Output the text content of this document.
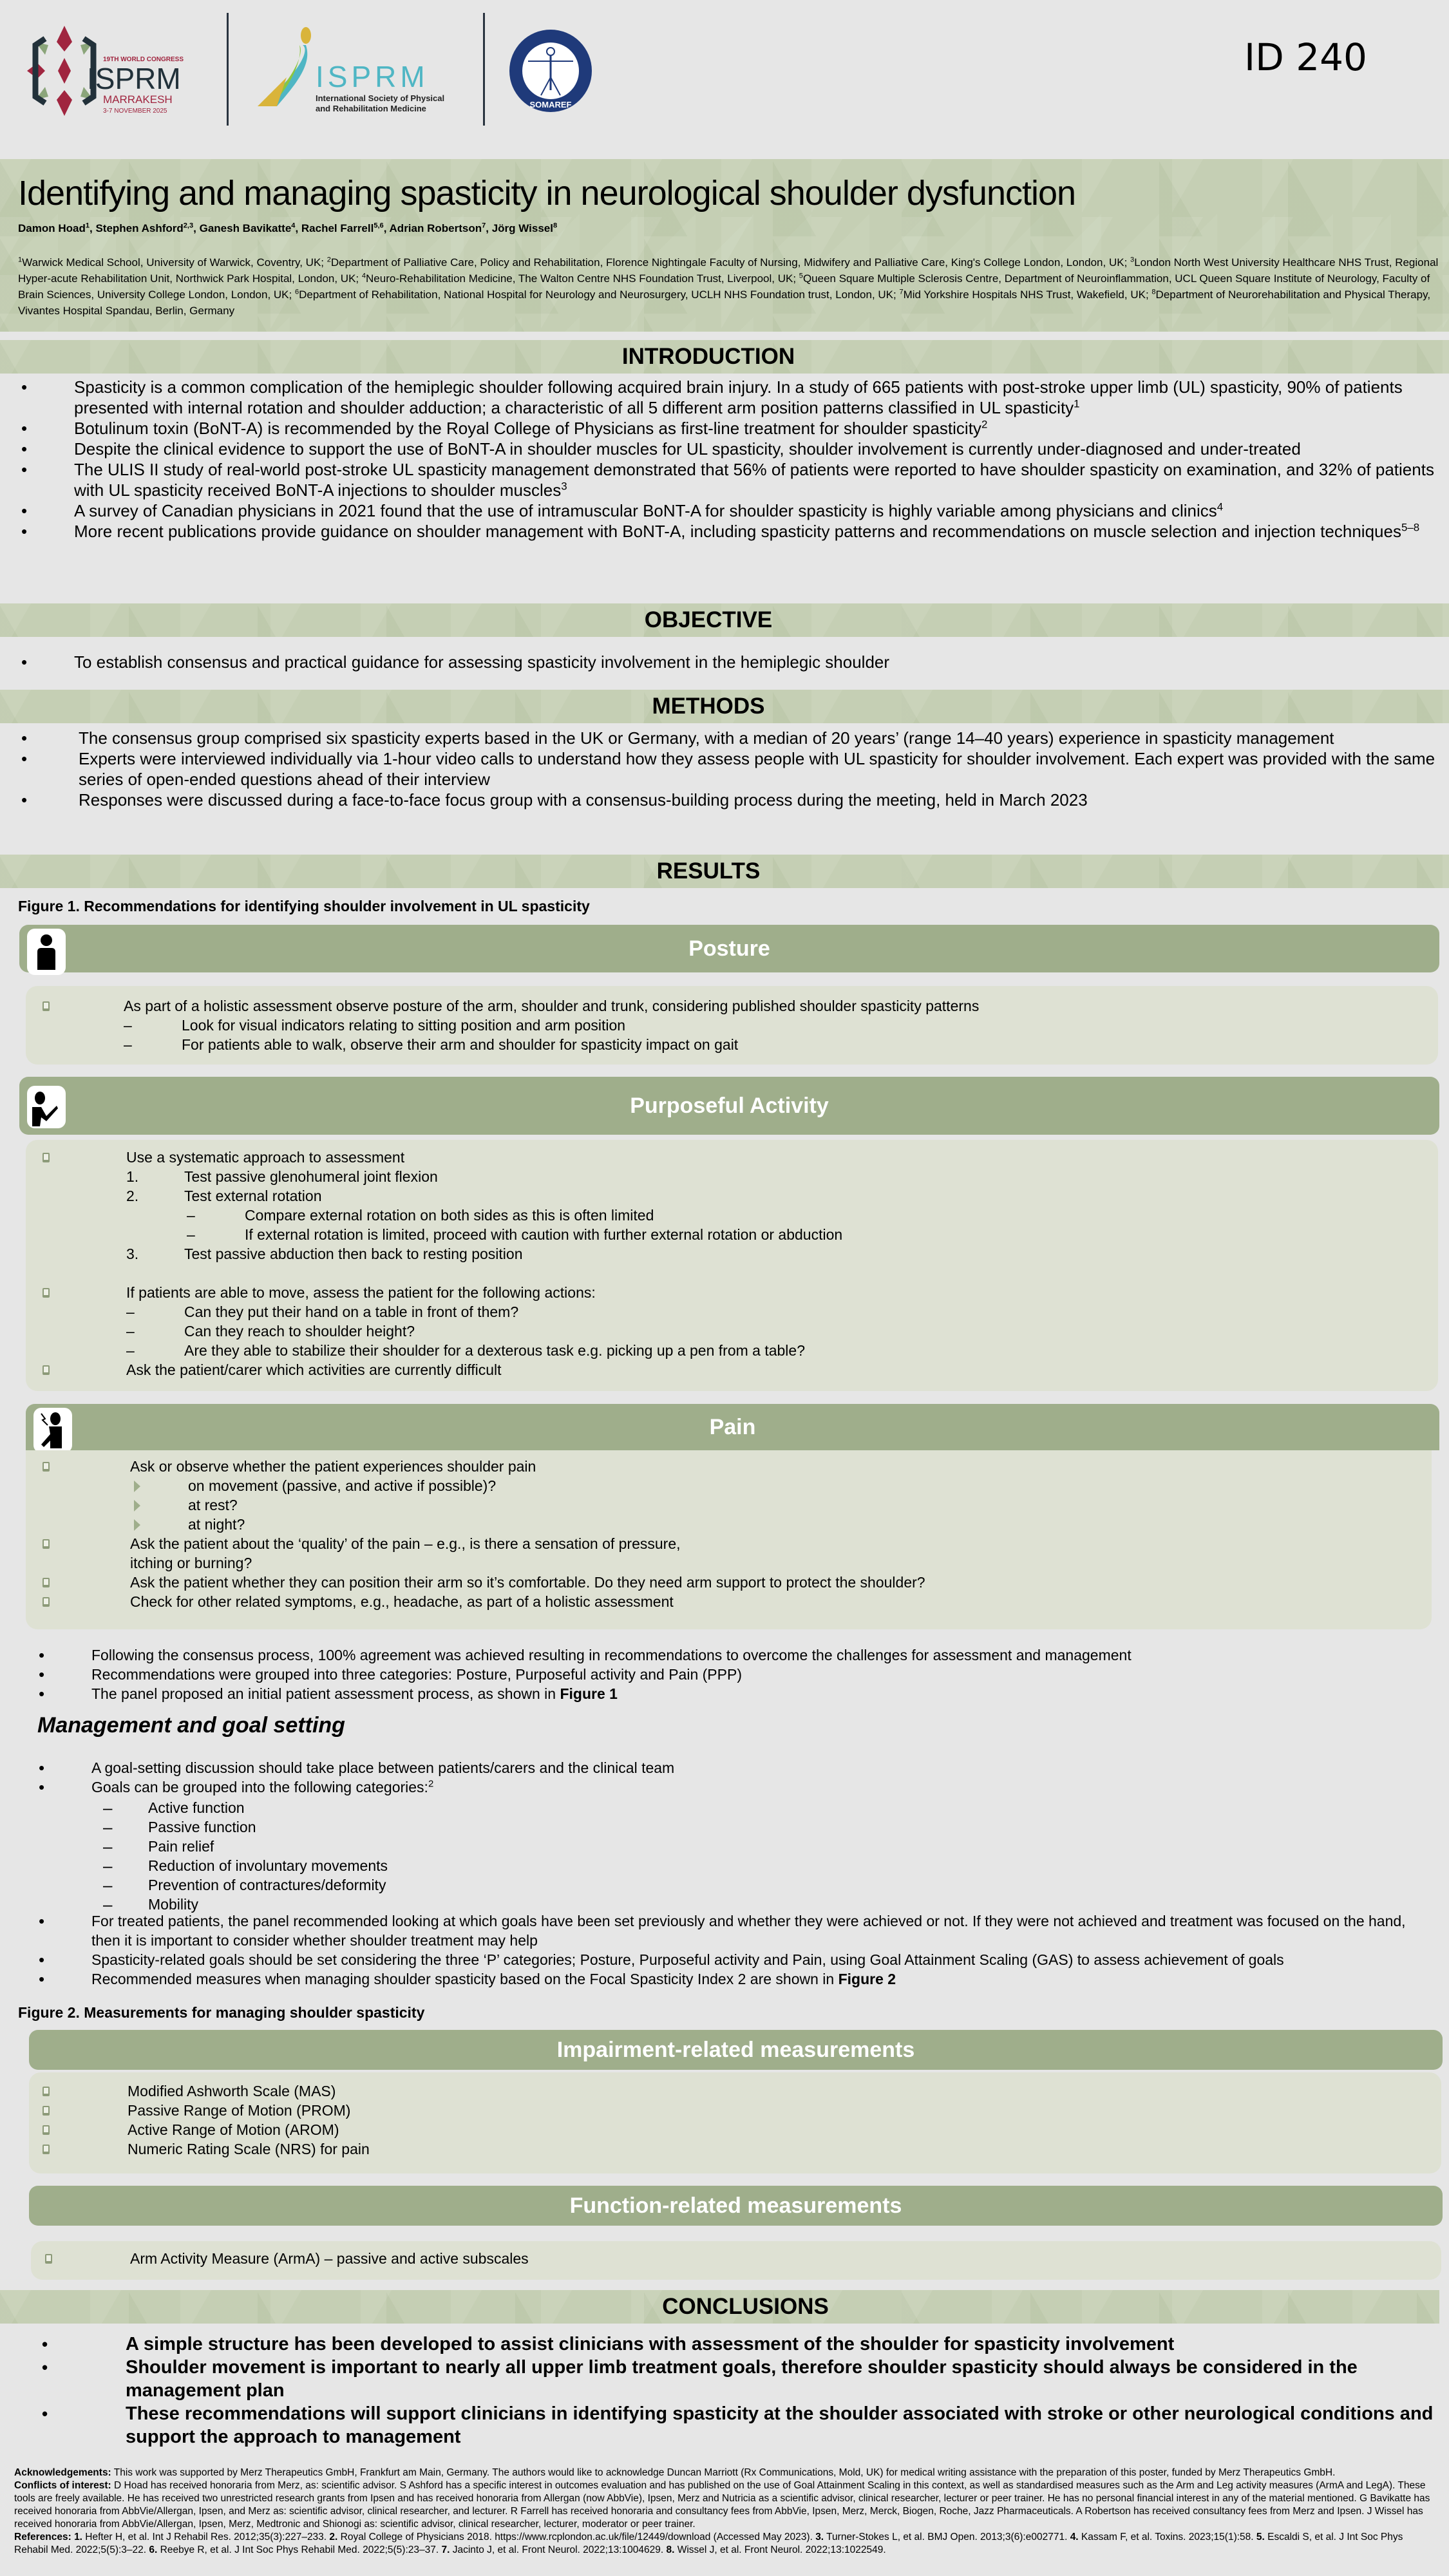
19TH WORLD CONGRESS
ISPRM
MARRAKESH
3-7 NOVEMBER 2025
ISPRM
International Society of Physical
and Rehabilitation Medicine	SOMAREF
ID 240
Identifying and managing spasticity in neurological shoulder dysfunction
Damon Hoad$^1$, Stephen Ashford$^{2,3}$, Ganesh Bavikatte$^4$, Rachel Farrell$^{5,6}$, Adrian Robertson$^7$, Jörg Wissel$^8$
$^1$Warwick Medical School, University of Warwick, Coventry, UK; $^2$Department of Palliative Care, Policy and Rehabilitation, Florence Nightingale Faculty of Nursing, Midwifery and Palliative Care, King's College London, London, UK; $^3$London North West University Healthcare NHS Trust, Regional Hyper-acute Rehabilitation Unit, Northwick Park Hospital, London, UK; $^4$Neuro-Rehabilitation Medicine, The Walton Centre NHS Foundation Trust, Liverpool, UK; $^5$Queen Square Multiple Sclerosis Centre, Department of Neuroinflammation, UCL Queen Square Institute of Neurology, Faculty of Brain Sciences, University College London, London, UK; $^6$Department of Rehabilitation, National Hospital for Neurology and Neurosurgery, UCLH NHS Foundation trust, London, UK; $^7$Mid Yorkshire Hospitals NHS Trust, Wakefield, UK; $^8$Department of Neurorehabilitation and Physical Therapy, Vivantes Hospital Spandau, Berlin, Germany
INTRODUCTION
• Spasticity is a common complication of the hemiplegic shoulder following acquired brain injury. In a study of 665 patients with post-stroke upper limb (UL) spasticity, 90% of patients presented with internal rotation and shoulder adduction; a characteristic of all 5 different arm position patterns classified in UL spasticity$^1$
• Botulinum toxin (BoNT-A) is recommended by the Royal College of Physicians as first-line treatment for shoulder spasticity$^2$
• Despite the clinical evidence to support the use of BoNT-A in shoulder muscles for UL spasticity, shoulder involvement is currently under-diagnosed and under-treated
• The ULIS II study of real-world post-stroke UL spasticity management demonstrated that 56% of patients were reported to have shoulder spasticity on examination, and 32% of patients with UL spasticity received BoNT-A injections to shoulder muscles$^3$
• A survey of Canadian physicians in 2021 found that the use of intramuscular BoNT-A for shoulder spasticity is highly variable among physicians and clinics$^4$
• More recent publications provide guidance on shoulder management with BoNT-A, including spasticity patterns and recommendations on muscle selection and injection techniques$^{5-8}$
OBJECTIVE
• To establish consensus and practical guidance for assessing spasticity involvement in the hemiplegic shoulder
METHODS
• The consensus group comprised six spasticity experts based in the UK or Germany, with a median of 20 years’ (range 14–40 years) experience in spasticity management
• Experts were interviewed individually via 1-hour video calls to understand how they assess people with UL spasticity for shoulder involvement. Each expert was provided with the same series of open-ended questions ahead of their interview
• Responses were discussed during a face-to-face focus group with a consensus-building process during the meeting, held in March 2023
RESULTS
Figure 1. Recommendations for identifying shoulder involvement in UL spasticity
Posture
As part of a holistic assessment observe posture of the arm, shoulder and trunk, considering published shoulder spasticity patterns
–	Look for visual indicators relating to sitting position and arm position
–	For patients able to walk, observe their arm and shoulder for spasticity impact on gait
Purposeful Activity
Use a systematic approach to assessment
1.	Test passive glenohumeral joint flexion
2.	Test external rotation
–	Compare external rotation on both sides as this is often limited
–	If external rotation is limited, proceed with caution with further external rotation or abduction
3.	Test passive abduction then back to resting position
If patients are able to move, assess the patient for the following actions:
–	Can they put their hand on a table in front of them?
–	Can they reach to shoulder height?
–	Are they able to stabilize their shoulder for a dexterous task e.g. picking up a pen from a table?
Ask the patient/carer which activities are currently difficult
Pain
Ask or observe whether the patient experiences shoulder pain
on movement (passive, and active if possible)?
at rest?
at night?
Ask the patient about the ‘quality’ of the pain – e.g., is there a sensation of pressure,
itching or burning?
Ask the patient whether they can position their arm so it’s comfortable. Do they need arm support to protect the shoulder?
Check for other related symptoms, e.g., headache, as part of a holistic assessment
• Following the consensus process, 100% agreement was achieved resulting in recommendations to overcome the challenges for assessment and management
• Recommendations were grouped into three categories: Posture, Purposeful activity and Pain (PPP)
• The panel proposed an initial patient assessment process, as shown in Figure 1
Management and goal setting
• A goal-setting discussion should take place between patients/carers and the clinical team
• Goals can be grouped into the following categories:$^2$
– Active function
– Passive function
– Pain relief
– Reduction of involuntary movements
– Prevention of contractures/deformity
– Mobility
• For treated patients, the panel recommended looking at which goals have been set previously and whether they were achieved or not. If they were not achieved and treatment was focused on the hand, then it is important to consider whether shoulder treatment may help
• Spasticity-related goals should be set considering the three ‘P’ categories; Posture, Purposeful activity and Pain, using Goal Attainment Scaling (GAS) to assess achievement of goals
• Recommended measures when managing shoulder spasticity based on the Focal Spasticity Index 2 are shown in Figure 2
Figure 2. Measurements for managing shoulder spasticity
Impairment-related measurements
Modified Ashworth Scale (MAS)
Passive Range of Motion (PROM)
Active Range of Motion (AROM)
Numeric Rating Scale (NRS) for pain
Function-related measurements
Arm Activity Measure (ArmA) – passive and active subscales
CONCLUSIONS
• A simple structure has been developed to assist clinicians with assessment of the shoulder for spasticity involvement
• Shoulder movement is important to nearly all upper limb treatment goals, therefore shoulder spasticity should always be considered in the management plan
• These recommendations will support clinicians in identifying spasticity at the shoulder associated with stroke or other neurological conditions and support the approach to management
Acknowledgements: This work was supported by Merz Therapeutics GmbH, Frankfurt am Main, Germany. The authors would like to acknowledge Duncan Marriott (Rx Communications, Mold, UK) for medical writing assistance with the preparation of this poster, funded by Merz Therapeutics GmbH.
Conflicts of interest: D Hoad has received honoraria from Merz, as: scientific advisor. S Ashford has a specific interest in outcomes evaluation and has published on the use of Goal Attainment Scaling in this context, as well as standardised measures such as the Arm and Leg activity measures (ArmA and LegA). These tools are freely available. He has received two unrestricted research grants from Ipsen and has received honoraria from Allergan (now AbbVie), Ipsen, Merz and Nutricia as a scientific advisor, clinical researcher, lecturer or peer trainer. He has no personal financial interest in any of the material mentioned. G Bavikatte has received honoraria from AbbVie/Allergan, Ipsen, and Merz as: scientific advisor, clinical researcher, and lecturer. R Farrell has received honoraria and consultancy fees from AbbVie, Ipsen, Merz, Merck, Biogen, Roche, Jazz Pharmaceuticals. A Robertson has received consultancy fees from Merz and Ipsen. J Wissel has received honoraria from AbbVie/Allergan, Ipsen, Merz, Medtronic and Shionogi as: scientific advisor, clinical researcher, lecturer, moderator or peer trainer.
References: 1. Hefter H, et al. Int J Rehabil Res. 2012;35(3):227–233. 2. Royal College of Physicians 2018. https://www.rcplondon.ac.uk/file/12449/download (Accessed May 2023). 3. Turner-Stokes L, et al. BMJ Open. 2013;3(6):e002771. 4. Kassam F, et al. Toxins. 2023;15(1):58. 5. Escaldi S, et al. J Int Soc Phys Rehabil Med. 2022;5(5):3–22. 6. Reebye R, et al. J Int Soc Phys Rehabil Med. 2022;5(5):23–37. 7. Jacinto J, et al. Front Neurol. 2022;13:1004629. 8. Wissel J, et al. Front Neurol. 2022;13:1022549.
